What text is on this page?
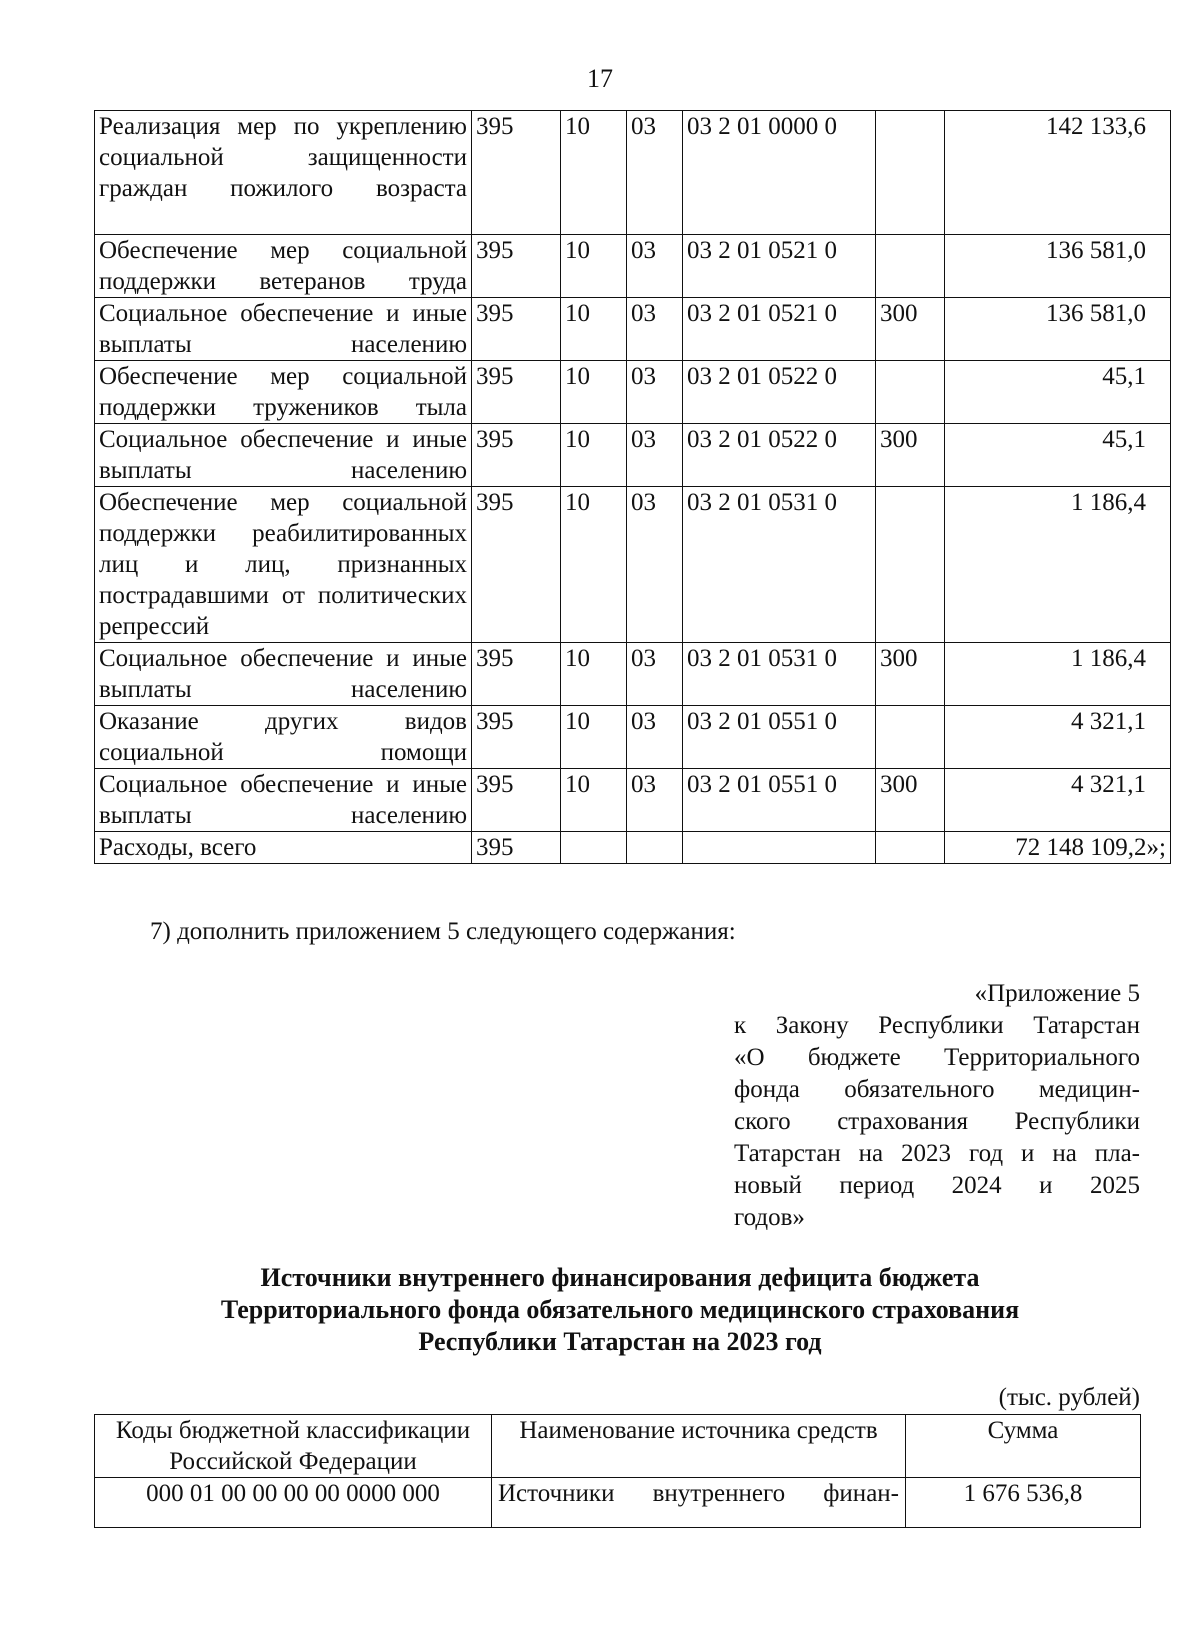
17
Реализация мер по укреплению социальной защищенности граждан пожилого возраста	395	10	03	03 2 01 0000 0		142 133,6
Обеспечение мер социальной поддержки ветеранов труда	395	10	03	03 2 01 0521 0		136 581,0
Социальное обеспечение и иные выплаты населению	395	10	03	03 2 01 0521 0	300	136 581,0
Обеспечение мер социальной поддержки тружеников тыла	395	10	03	03 2 01 0522 0		45,1
Социальное обеспечение и иные выплаты населению	395	10	03	03 2 01 0522 0	300	45,1
Обеспечение мер социальной поддержки реабилитированных лиц и лиц, признанных пострадавшими от политических репрессий	395	10	03	03 2 01 0531 0		1 186,4
Социальное обеспечение и иные выплаты населению	395	10	03	03 2 01 0531 0	300	1 186,4
Оказание других видов социальной помощи	395	10	03	03 2 01 0551 0		4 321,1
Социальное обеспечение и иные выплаты населению	395	10	03	03 2 01 0551 0	300	4 321,1
Расходы, всего	395					72 148 109,2»;
7) дополнить приложением 5 следующего содержания:
«Приложение 5
к Закону Республики Татарстан
«О бюджете Территориального
фонда обязательного медицин-
ского страхования Республики
Татарстан на 2023 год и на пла-
новый период 2024 и 2025
годов»
Источники внутреннего финансирования дефицита бюджета
Территориального фонда обязательного медицинского страхования
Республики Татарстан на 2023 год
(тыс. рублей)
Коды бюджетной классификации Российской Федерации	Наименование источника средств	Сумма
000 01 00 00 00 00 0000 000	Источники внутреннего финан-	1 676 536,8
